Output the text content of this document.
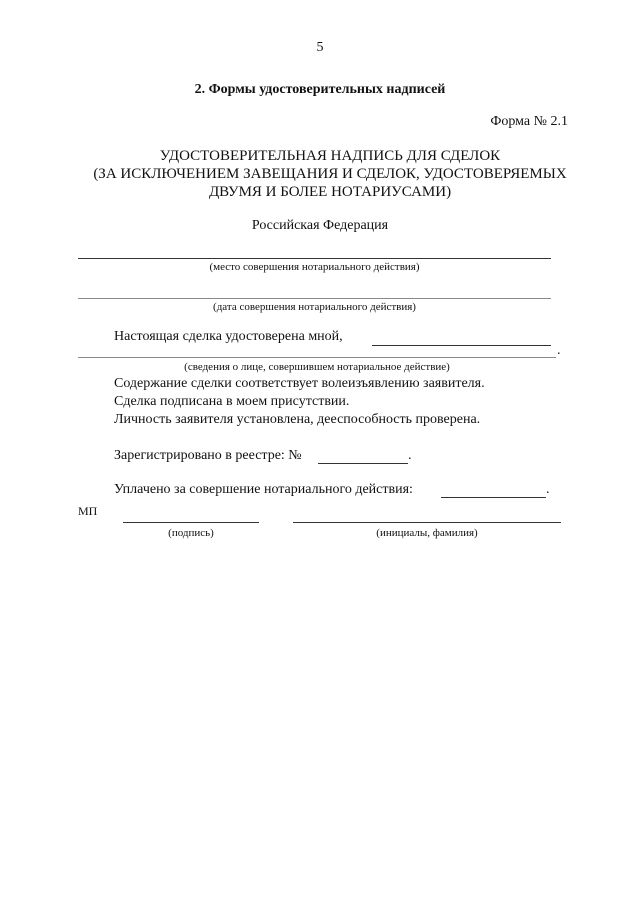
5
2. Формы удостоверительных надписей
Форма № 2.1
УДОСТОВЕРИТЕЛЬНАЯ НАДПИСЬ ДЛЯ СДЕЛОК
(ЗА ИСКЛЮЧЕНИЕМ ЗАВЕЩАНИЯ И СДЕЛОК, УДОСТОВЕРЯЕМЫХ
ДВУМЯ И БОЛЕЕ НОТАРИУСАМИ)
Российская Федерация
(место совершения нотариального действия)
(дата совершения нотариального действия)
Настоящая сделка удостоверена мной,
.
(сведения о лице, совершившем нотариальное действие)
Содержание сделки соответствует волеизъявлению заявителя.
Сделка подписана в моем присутствии.
Личность заявителя установлена, дееспособность проверена.
Зарегистрировано в реестре: №	.
Уплачено за совершение нотариального действия:	.
МП
(подпись)	(инициалы, фамилия)
